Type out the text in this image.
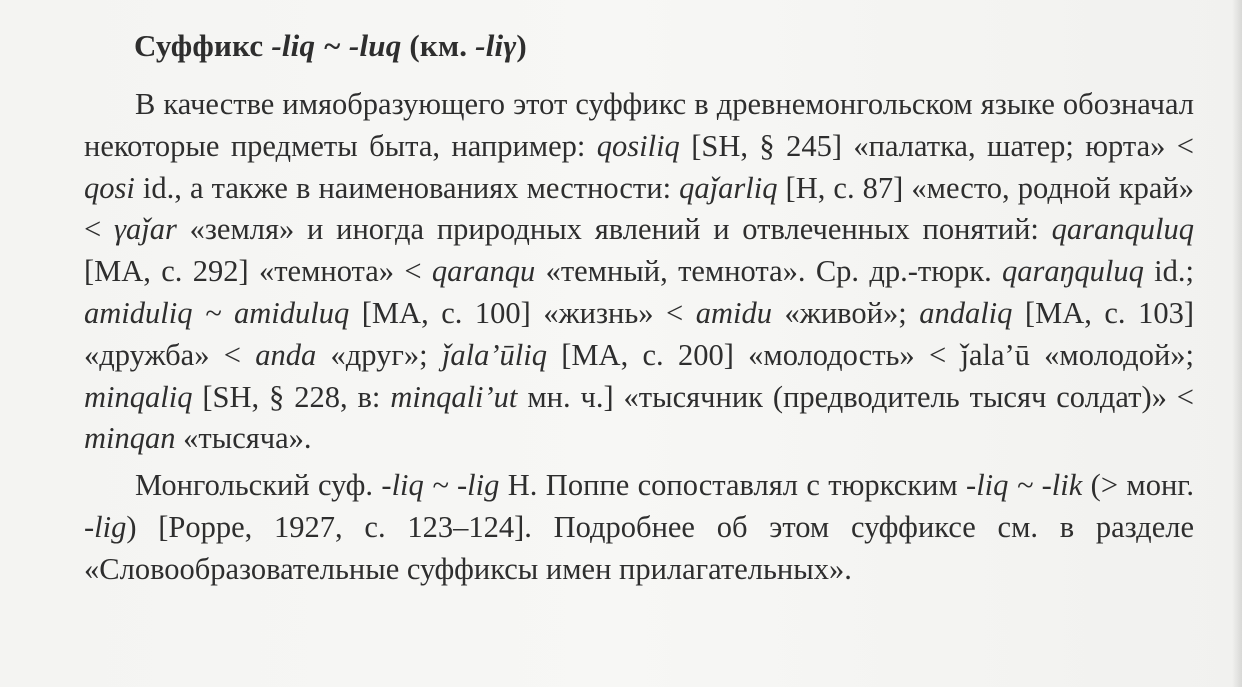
Суффикс -liq ~ -luq (км. -liγ)

В качестве имяобразующего этот суффикс в древнемонгольском языке обозначал некоторые предметы быта, например: qosiliq [SH, § 245] «палатка, шатер; юрта» < qosi id., а также в наименованиях местности: qaǰarliq [Н, с. 87] «место, родной край» < γaǰar «земля» и иногда природных явлений и отвлеченных понятий: qaranquluq [МА, с. 292] «темнота» < qaranqu «темный, темнота». Ср. др.-тюрк. qaraŋquluq id.; amiduliq ~ amiduluq [МА, с. 100] «жизнь» < amidu «живой»; andaliq [МА, с. 103] «дружба» < anda «друг»; ǰala’ūliq [МА, с. 200] «молодость» < ǰala’ū «молодой»; minqaliq [SH, § 228, в: minqali’ut мн. ч.] «тысячник (предводитель тысяч солдат)» < minqan «тысяча».

Монгольский суф. -liq ~ -lig Н. Поппе сопоставлял с тюркским -liq ~ -lik (> монг. -lig) [Poppe, 1927, с. 123–124]. Подробнее об этом суффиксе см. в разделе «Словообразовательные суффиксы имен прилагательных».
